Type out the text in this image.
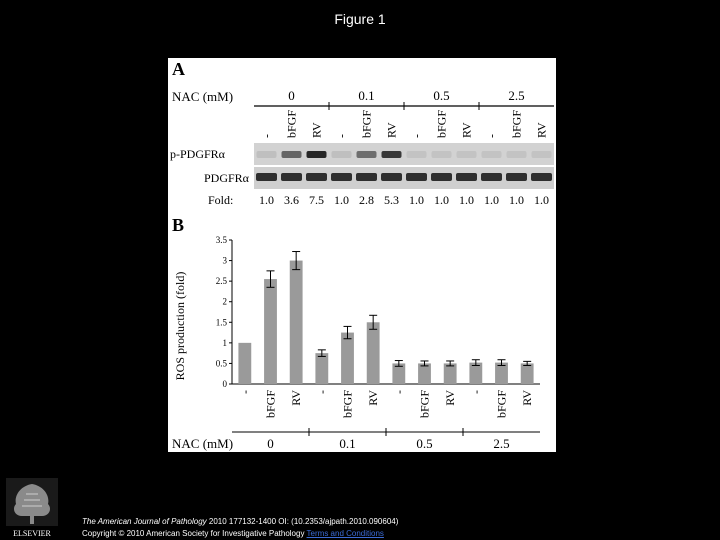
Figure 1
A
NAC (mM)	0	0.1	0.5	2.5
- bFGF RV - bFGF RV - bFGF RV - bFGF RV
p-PDGFRα
PDGFRα
Fold: 1.0 3.6 7.5 1.0 2.8 5.3 1.0 1.0 1.0 1.0 1.0 1.0
B
ROS production (fold)
0
0.5
1
1.5
2
2.5
3
3.5
- bFGF RV - bFGF RV - bFGF RV - bFGF RV
NAC (mM)	0	0.1	0.5	2.5
ELSEVIER
The American Journal of Pathology 2010 177132-1400 OI: (10.2353/ajpath.2010.090604)
Copyright © 2010 American Society for Investigative Pathology Terms and Conditions
